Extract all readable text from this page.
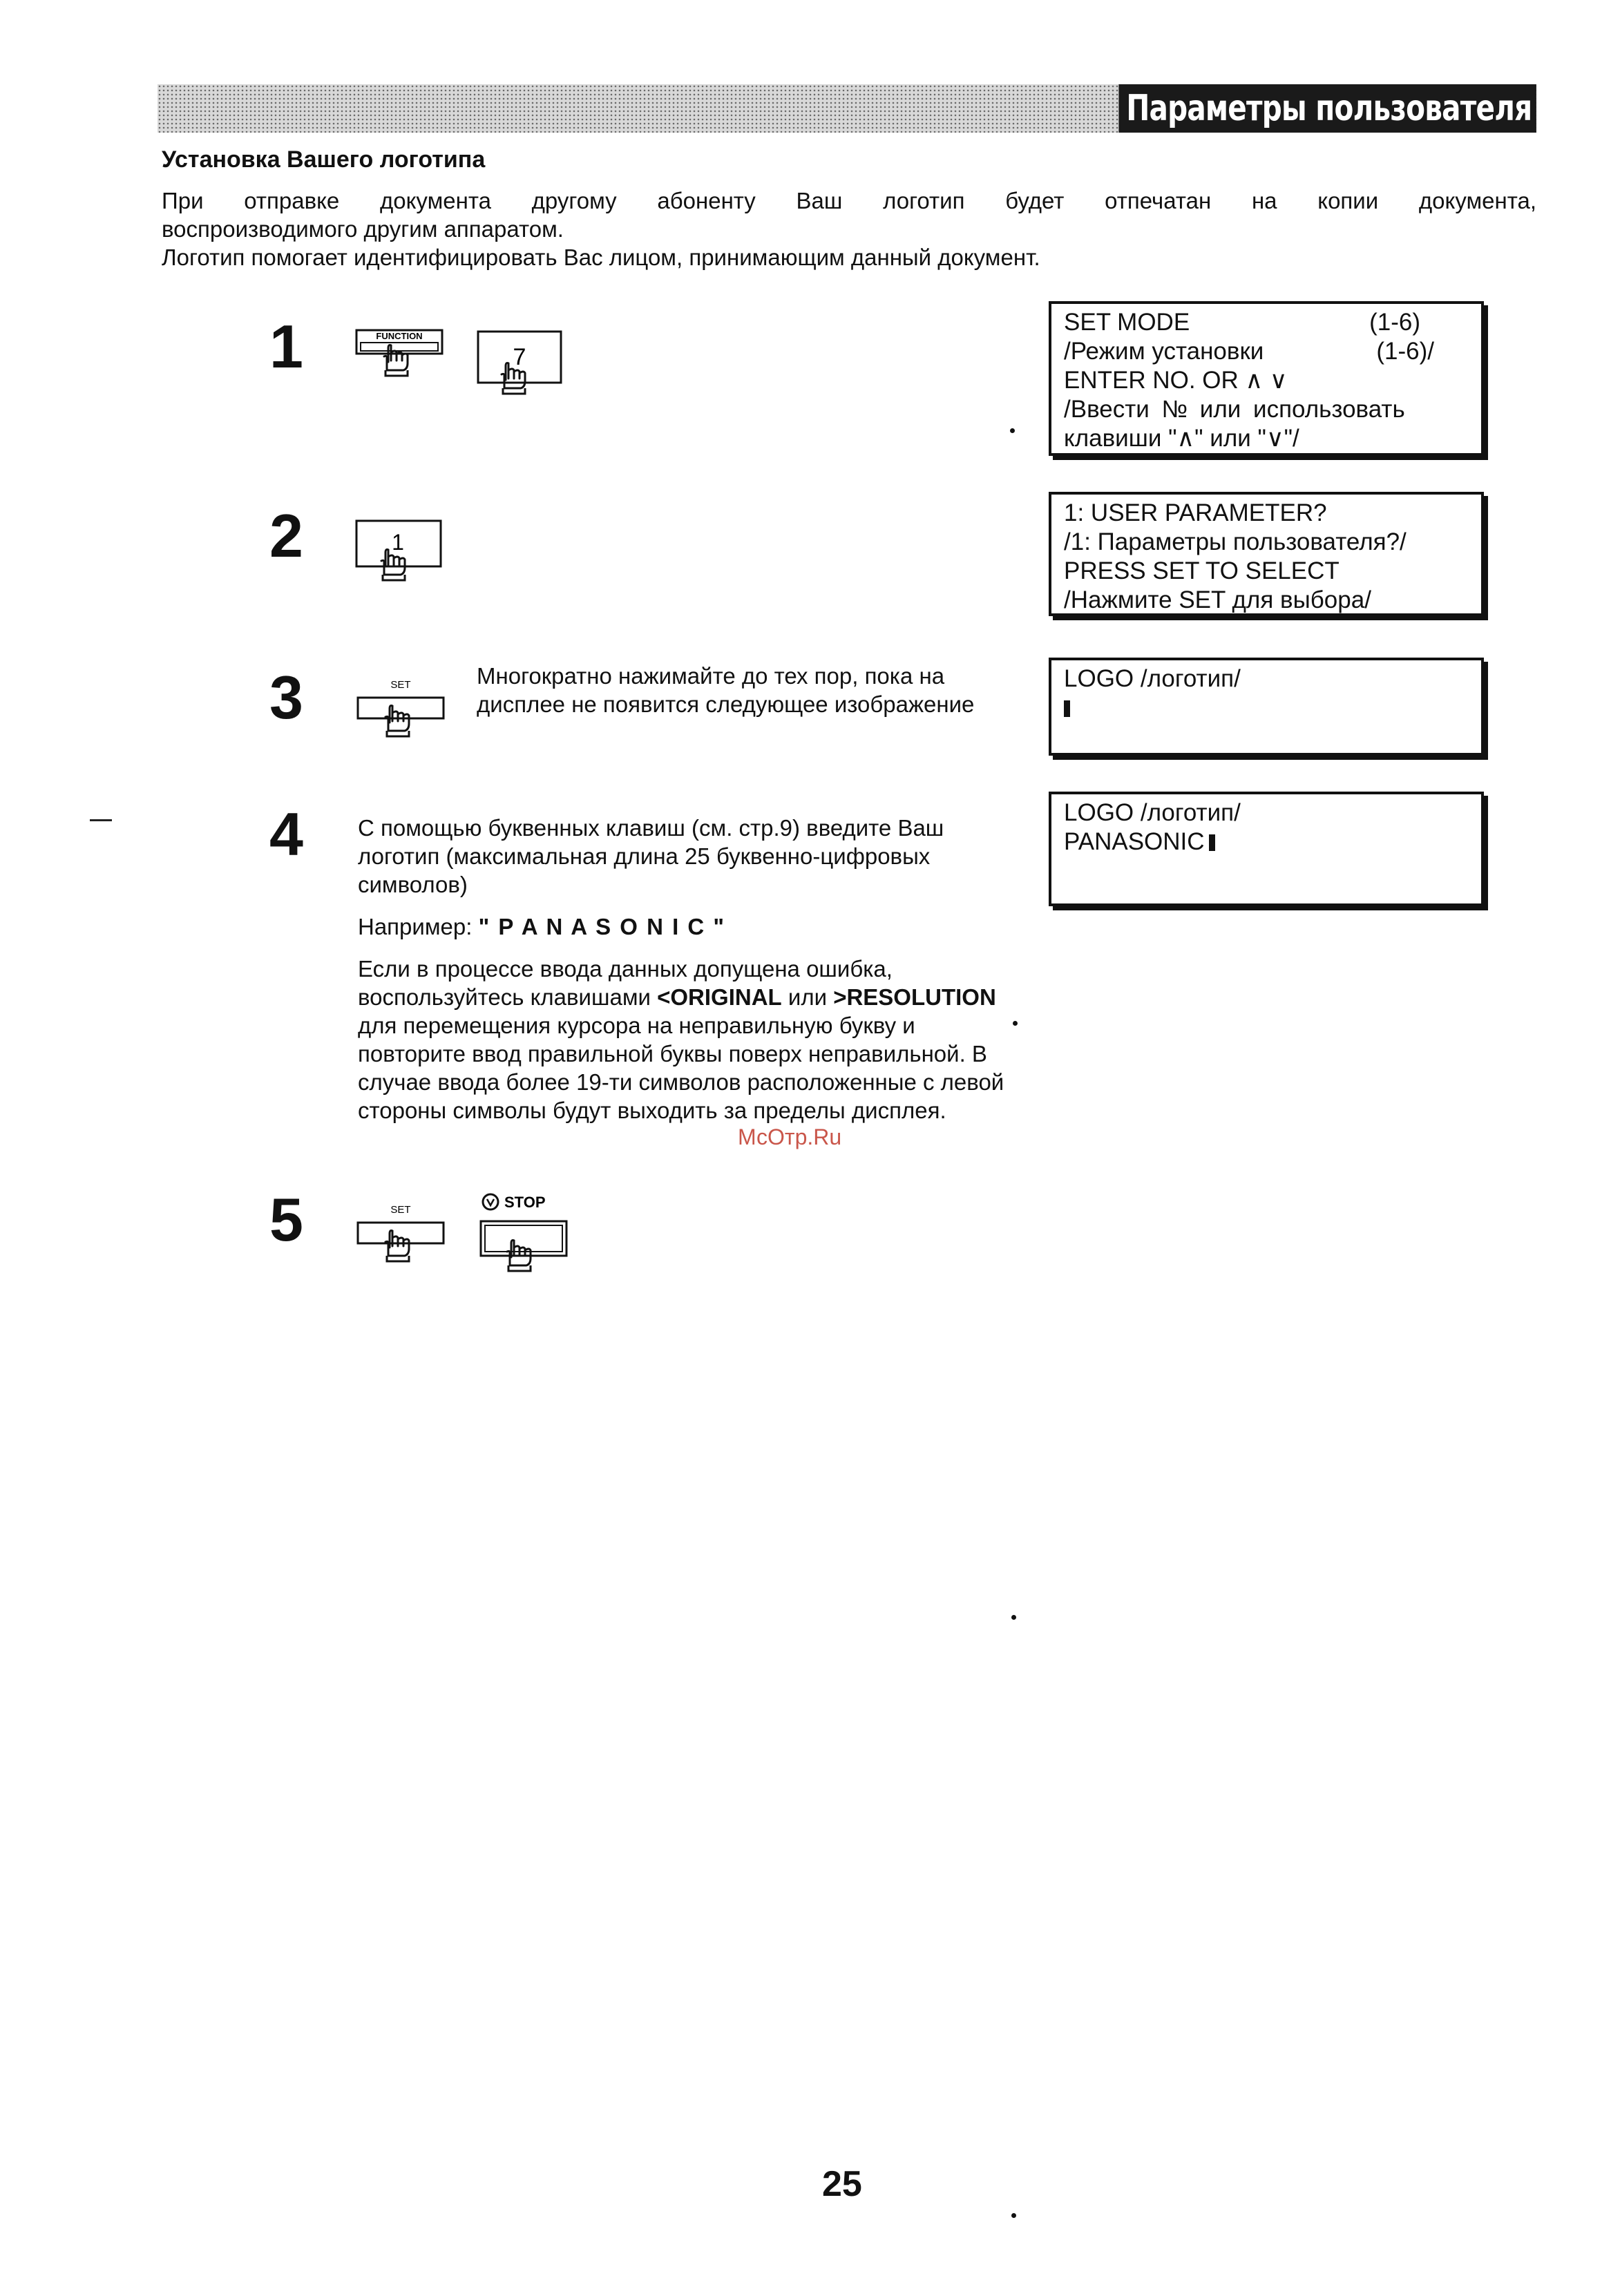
Параметры пользователя
Установка Вашего логотипа

При отправке документа другому абоненту Ваш логотип будет отпечатан на копии документа,

воспроизводимого другим аппаратом.

Логотип помогает идентифицировать Вас лицом, принимающим данный документ.

1	FUNCTION
7
2	1
3	SET	Многократно нажимайте до тех пор, пока на дисплее не появится следующее изображение
4 С помощью буквенных клавиш (см. стр.9) введите Ваш логотип (максимальная длина 25 буквенно-цифровых символов)

Например: " P A N A S O N I C "

Если в процессе ввода данных допущена ошибка, воспользуйтесь клавишами <ORIGINAL или >RESOLUTION для перемещения курсора на неправильную букву и повторите ввод правильной буквы поверх неправильной. В случае ввода более 19-ти символов расположенные с левой стороны символы будут выходить за пределы дисплея.

5	SET	STOP
SET MODE	(1-6)
/Режим установки	(1-6)/
ENTER NO. OR ∧ ∨
/Ввести № или использовать
клавиши "∧" или "∨"/
1: USER PARAMETER?
/1: Параметры пользователя?/
PRESS SET TO SELECT
/Нажмите SET для выбора/
LOGO /логотип/
LOGO /логотип/
PANASONIC
МсОтр.Ru
25
